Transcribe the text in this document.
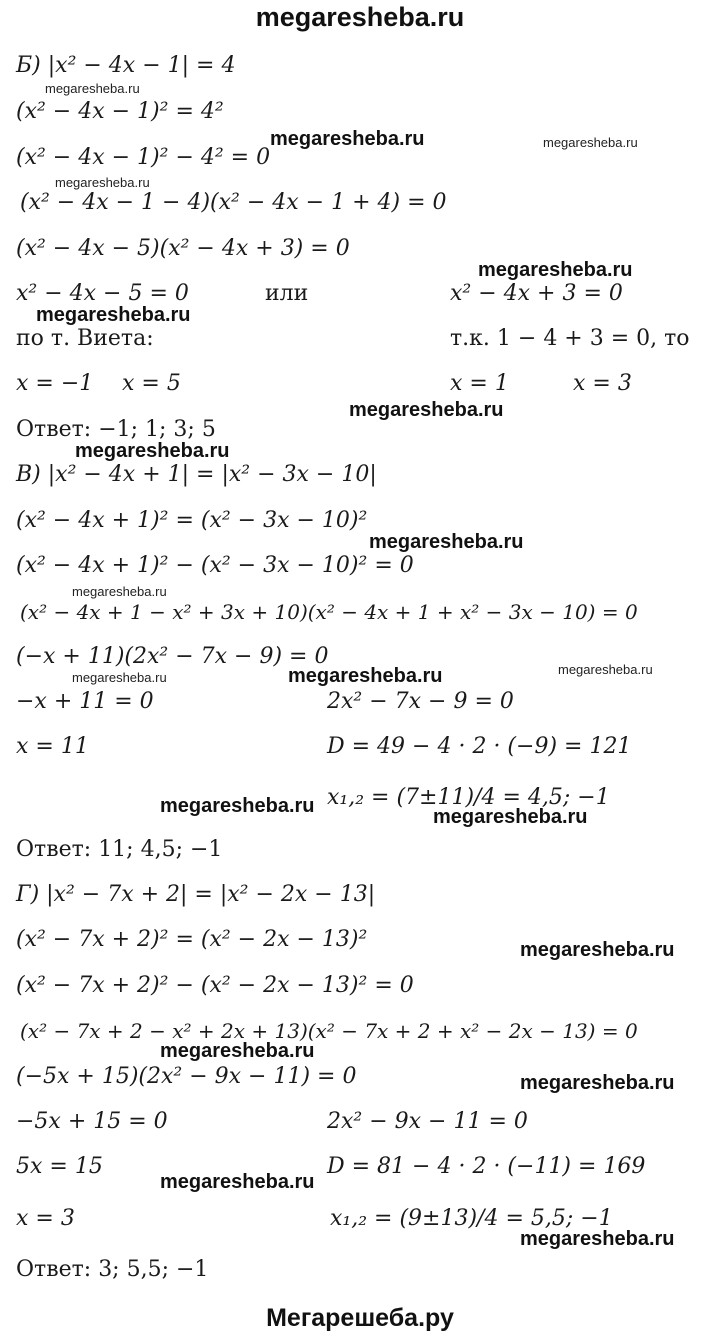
megaresheba.ru
Б) |x² − 4x − 1| = 4
(x² − 4x − 1)² = 4²
(x² − 4x − 1)² − 4² = 0
(x² − 4x − 1 − 4)(x² − 4x − 1 + 4) = 0
(x² − 4x − 5)(x² − 4x + 3) = 0
x² − 4x − 5 = 0	или	x² − 4x + 3 = 0
по т. Виета:	т.к. 1 − 4 + 3 = 0, то
x = −1 x = 5	x = 1	x = 3
Ответ: −1; 1; 3; 5
В) |x² − 4x + 1| = |x² − 3x − 10|
(x² − 4x + 1)² = (x² − 3x − 10)²
(x² − 4x + 1)² − (x² − 3x − 10)² = 0
(x² − 4x + 1 − x² + 3x + 10)(x² − 4x + 1 + x² − 3x − 10) = 0
(−x + 11)(2x² − 7x − 9) = 0
−x + 11 = 0	2x² − 7x − 9 = 0
x = 11	D = 49 − 4 · 2 · (−9) = 121
x₁,₂ = (7±11)/4 = 4,5; −1
Ответ: 11; 4,5; −1
Г) |x² − 7x + 2| = |x² − 2x − 13|
(x² − 7x + 2)² = (x² − 2x − 13)²
(x² − 7x + 2)² − (x² − 2x − 13)² = 0
(x² − 7x + 2 − x² + 2x + 13)(x² − 7x + 2 + x² − 2x − 13) = 0
(−5x + 15)(2x² − 9x − 11) = 0
−5x + 15 = 0	2x² − 9x − 11 = 0
5x = 15	D = 81 − 4 · 2 · (−11) = 169
x = 3	x₁,₂ = (9±13)/4 = 5,5; −1
Ответ: 3; 5,5; −1
megaresheba.ru
megaresheba.ru	megaresheba.ru
megaresheba.ru
megaresheba.ru
megaresheba.ru
megaresheba.ru
megaresheba.ru
megaresheba.ru
megaresheba.ru
megaresheba.ru	megaresheba.ru	megaresheba.ru
megaresheba.ru	megaresheba.ru
megaresheba.ru
megaresheba.ru
megaresheba.ru
megaresheba.ru
megaresheba.ru
Мегарешеба.ру
